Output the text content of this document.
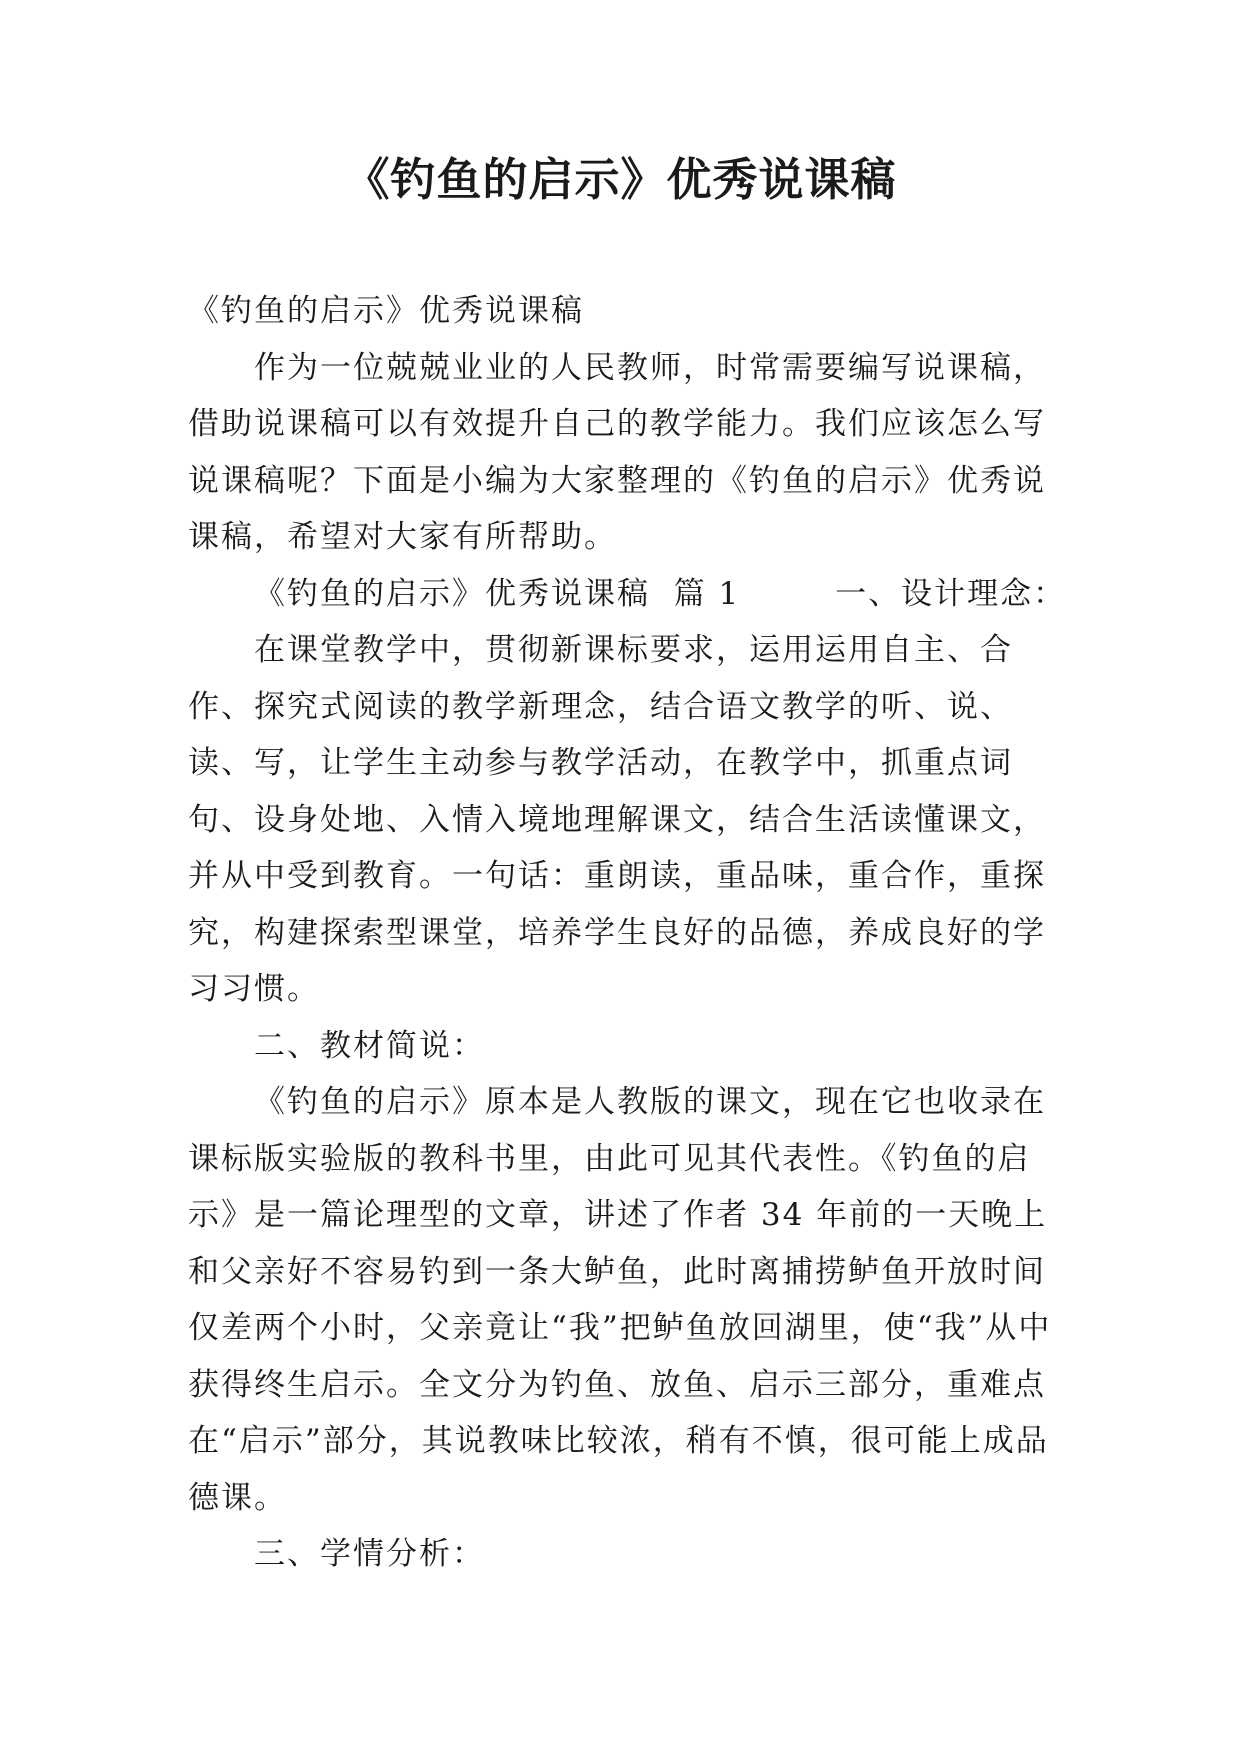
《钓鱼的启示》优秀说课稿

《钓鱼的启示》优秀说课稿

作为一位兢兢业业的人民教师，时常需要编写说课稿，借助说课稿可以有效提升自己的教学能力。我们应该怎么写说课稿呢？下面是小编为大家整理的《钓鱼的启示》优秀说课稿，希望对大家有所帮助。

《钓鱼的启示》优秀说课稿  篇 1        一、设计理念：

在课堂教学中，贯彻新课标要求，运用运用自主、合作、探究式阅读的教学新理念，结合语文教学的听、说、读、写，让学生主动参与教学活动，在教学中，抓重点词句、设身处地、入情入境地理解课文，结合生活读懂课文，并从中受到教育。一句话：重朗读，重品味，重合作，重探究，构建探索型课堂，培养学生良好的品德，养成良好的学习习惯。

二、教材简说：

《钓鱼的启示》原本是人教版的课文，现在它也收录在课标版实验版的教科书里，由此可见其代表性。《钓鱼的启示》是一篇论理型的文章，讲述了作者 34 年前的一天晚上和父亲好不容易钓到一条大鲈鱼，此时离捕捞鲈鱼开放时间仅差两个小时，父亲竟让“我”把鲈鱼放回湖里，使“我”从中获得终生启示。全文分为钓鱼、放鱼、启示三部分，重难点在“启示”部分，其说教味比较浓，稍有不慎，很可能上成品德课。

三、学情分析：
